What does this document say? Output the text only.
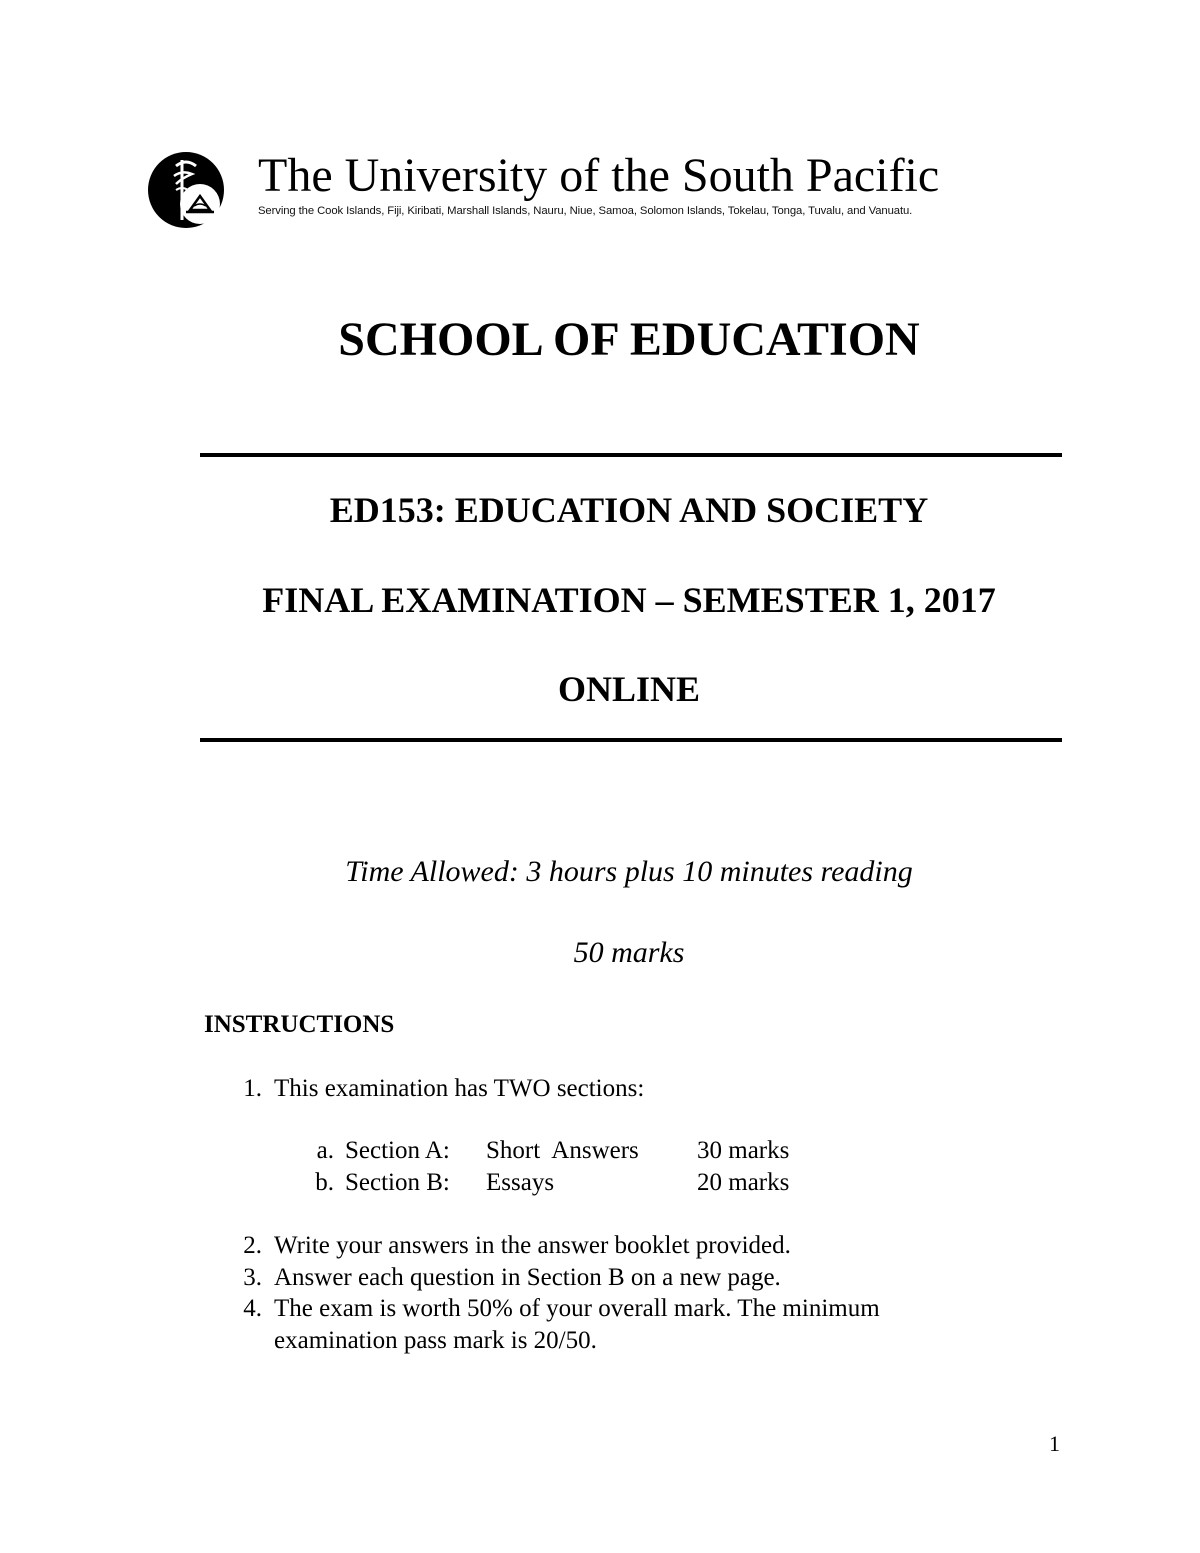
The University of the South Pacific
Serving the Cook Islands, Fiji, Kiribati, Marshall Islands, Nauru, Niue, Samoa, Solomon Islands, Tokelau, Tonga, Tuvalu, and Vanuatu.
SCHOOL OF EDUCATION
ED153: EDUCATION AND SOCIETY
FINAL EXAMINATION – SEMESTER 1, 2017
ONLINE
Time Allowed: 3 hours plus 10 minutes reading
50 marks
INSTRUCTIONS
1. This examination has TWO sections:
a. Section A: Short  Answers 30 marks
b. Section B: Essays	20 marks
2. Write your answers in the answer booklet provided.
3. Answer each question in Section B on a new page.
4. The exam is worth 50% of your overall mark. The minimum
examination pass mark is 20/50.
1
